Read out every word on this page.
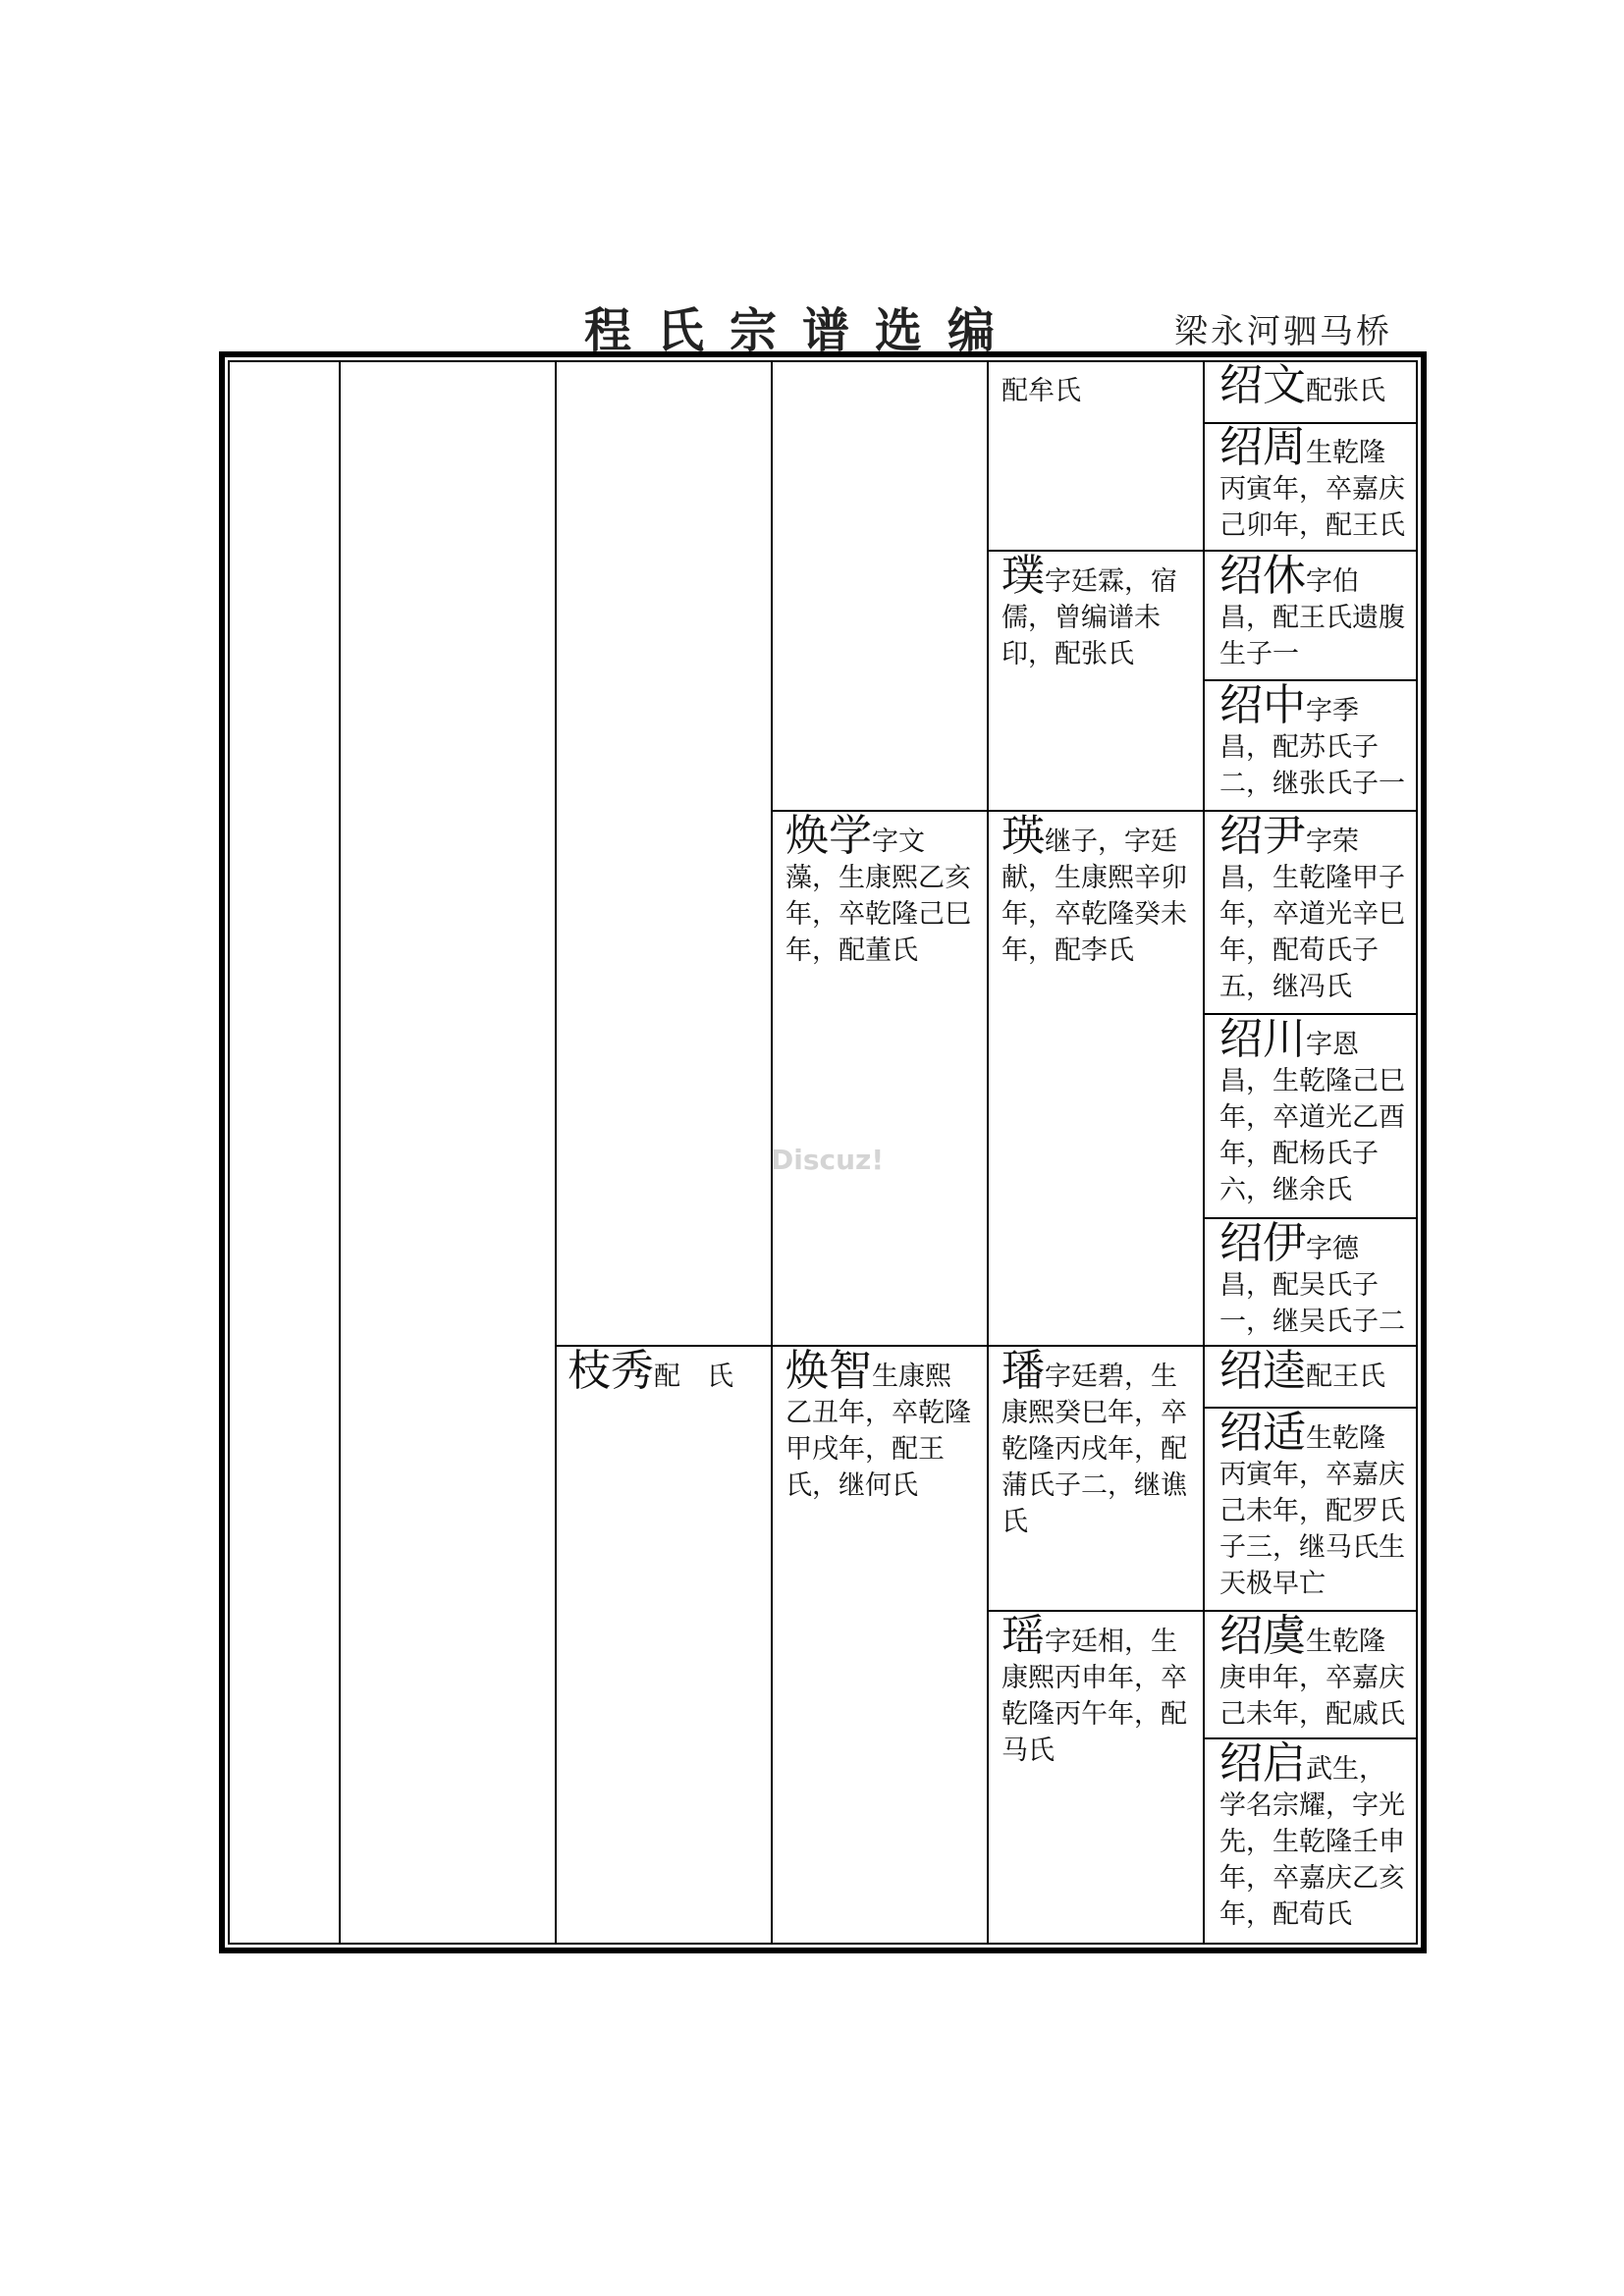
程氏宗谱选编	梁永河驷马桥
枝秀配　氏
焕学字文藻，生康熙乙亥年，卒乾隆己巳年，配董氏
焕智生康熙乙丑年，卒乾隆甲戌年，配王氏，继何氏
配牟氏
璞字廷霖，宿儒，曾编谱未印，配张氏
瑛继子，字廷献，生康熙辛卯年，卒乾隆癸未年，配李氏
璠字廷碧，生康熙癸巳年，卒乾隆丙戌年，配蒲氏子二，继谯氏
瑶字廷相，生康熙丙申年，卒乾隆丙午年，配马氏
绍文配张氏
绍周生乾隆丙寅年，卒嘉庆己卯年，配王氏
绍休字伯昌，配王氏遗腹生子一
绍中字季昌，配苏氏子二，继张氏子一
绍尹字荣昌，生乾隆甲子年，卒道光辛巳年，配荀氏子五，继冯氏
绍川字恩昌，生乾隆己巳年，卒道光乙酉年，配杨氏子六，继余氏
绍伊字德昌，配吴氏子一，继吴氏子二
绍逵配王氏
绍适生乾隆丙寅年，卒嘉庆己未年，配罗氏子三，继马氏生天极早亡
绍虞生乾隆庚申年，卒嘉庆己未年，配戚氏
绍启武生，学名宗耀，字光先，生乾隆壬申年，卒嘉庆乙亥年，配荀氏
Discuz!
